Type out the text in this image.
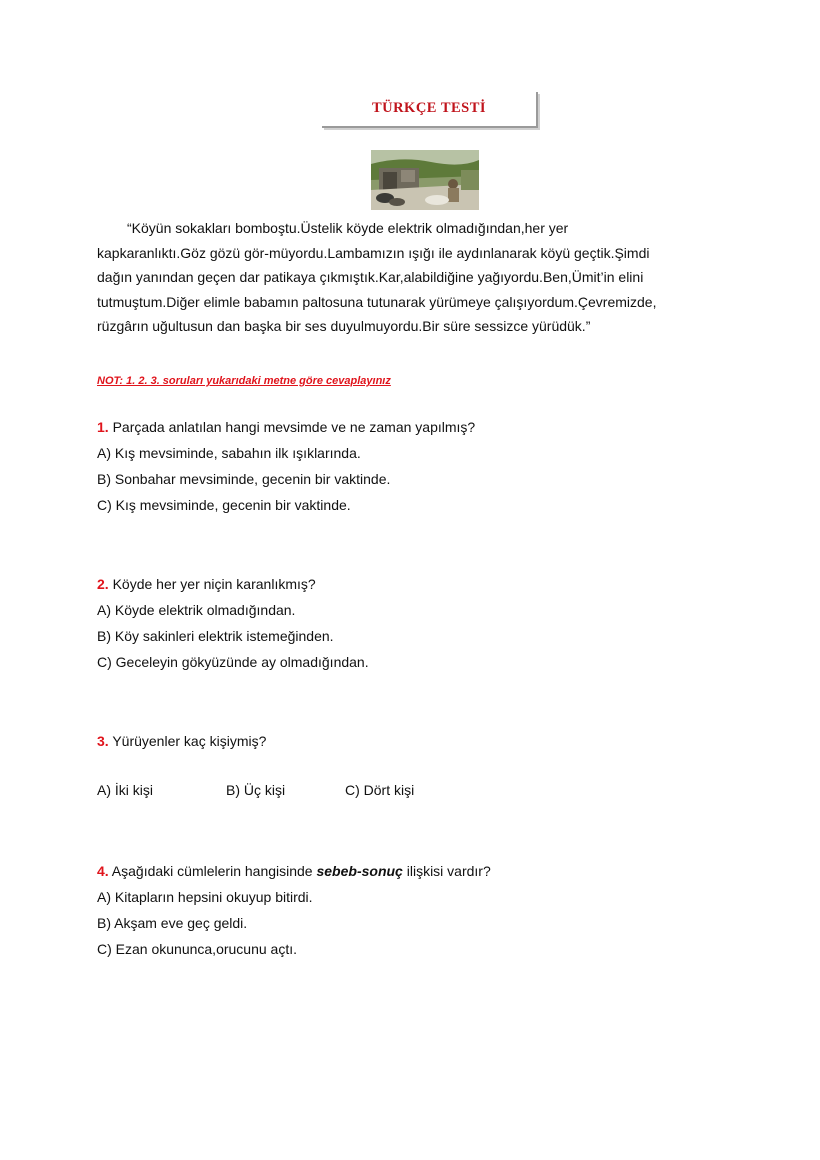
TÜRKÇE TESTİ

“Köyün sokakları bomboştu.Üstelik köyde elektrik olmadığından,her yer
kapkaranlıktı.Göz gözü gör-müyordu.Lambamızın ışığı ile aydınlanarak köyü geçtik.Şimdi
dağın yanından geçen dar patikaya çıkmıştık.Kar,alabildiğine yağıyordu.Ben,Ümit’in elini
tutmuştum.Diğer elimle babamın paltosuna tutunarak yürümeye çalışıyordum.Çevremizde,
rüzgârın uğultusun dan başka bir ses duyulmuyordu.Bir süre sessizce yürüdük.”

NOT: 1. 2. 3. soruları yukarıdaki metne göre cevaplayınız
1. Parçada anlatılan hangi mevsimde ve ne zaman yapılmış?
A) Kış mevsiminde, sabahın ilk ışıklarında.
B) Sonbahar mevsiminde, gecenin bir vaktinde.
C) Kış mevsiminde, gecenin bir vaktinde.
2. Köyde her yer niçin karanlıkmış?
A) Köyde elektrik olmadığından.
B) Köy sakinleri elektrik istemeğinden.
C) Geceleyin gökyüzünde ay olmadığından.
3. Yürüyenler kaç kişiymiş?
A) İki kişi	B) Üç kişi	C) Dört kişi
4. Aşağıdaki cümlelerin hangisinde sebeb-sonuç ilişkisi vardır?
A) Kitapların hepsini okuyup bitirdi.
B) Akşam eve geç geldi.
C) Ezan okununca,orucunu açtı.
